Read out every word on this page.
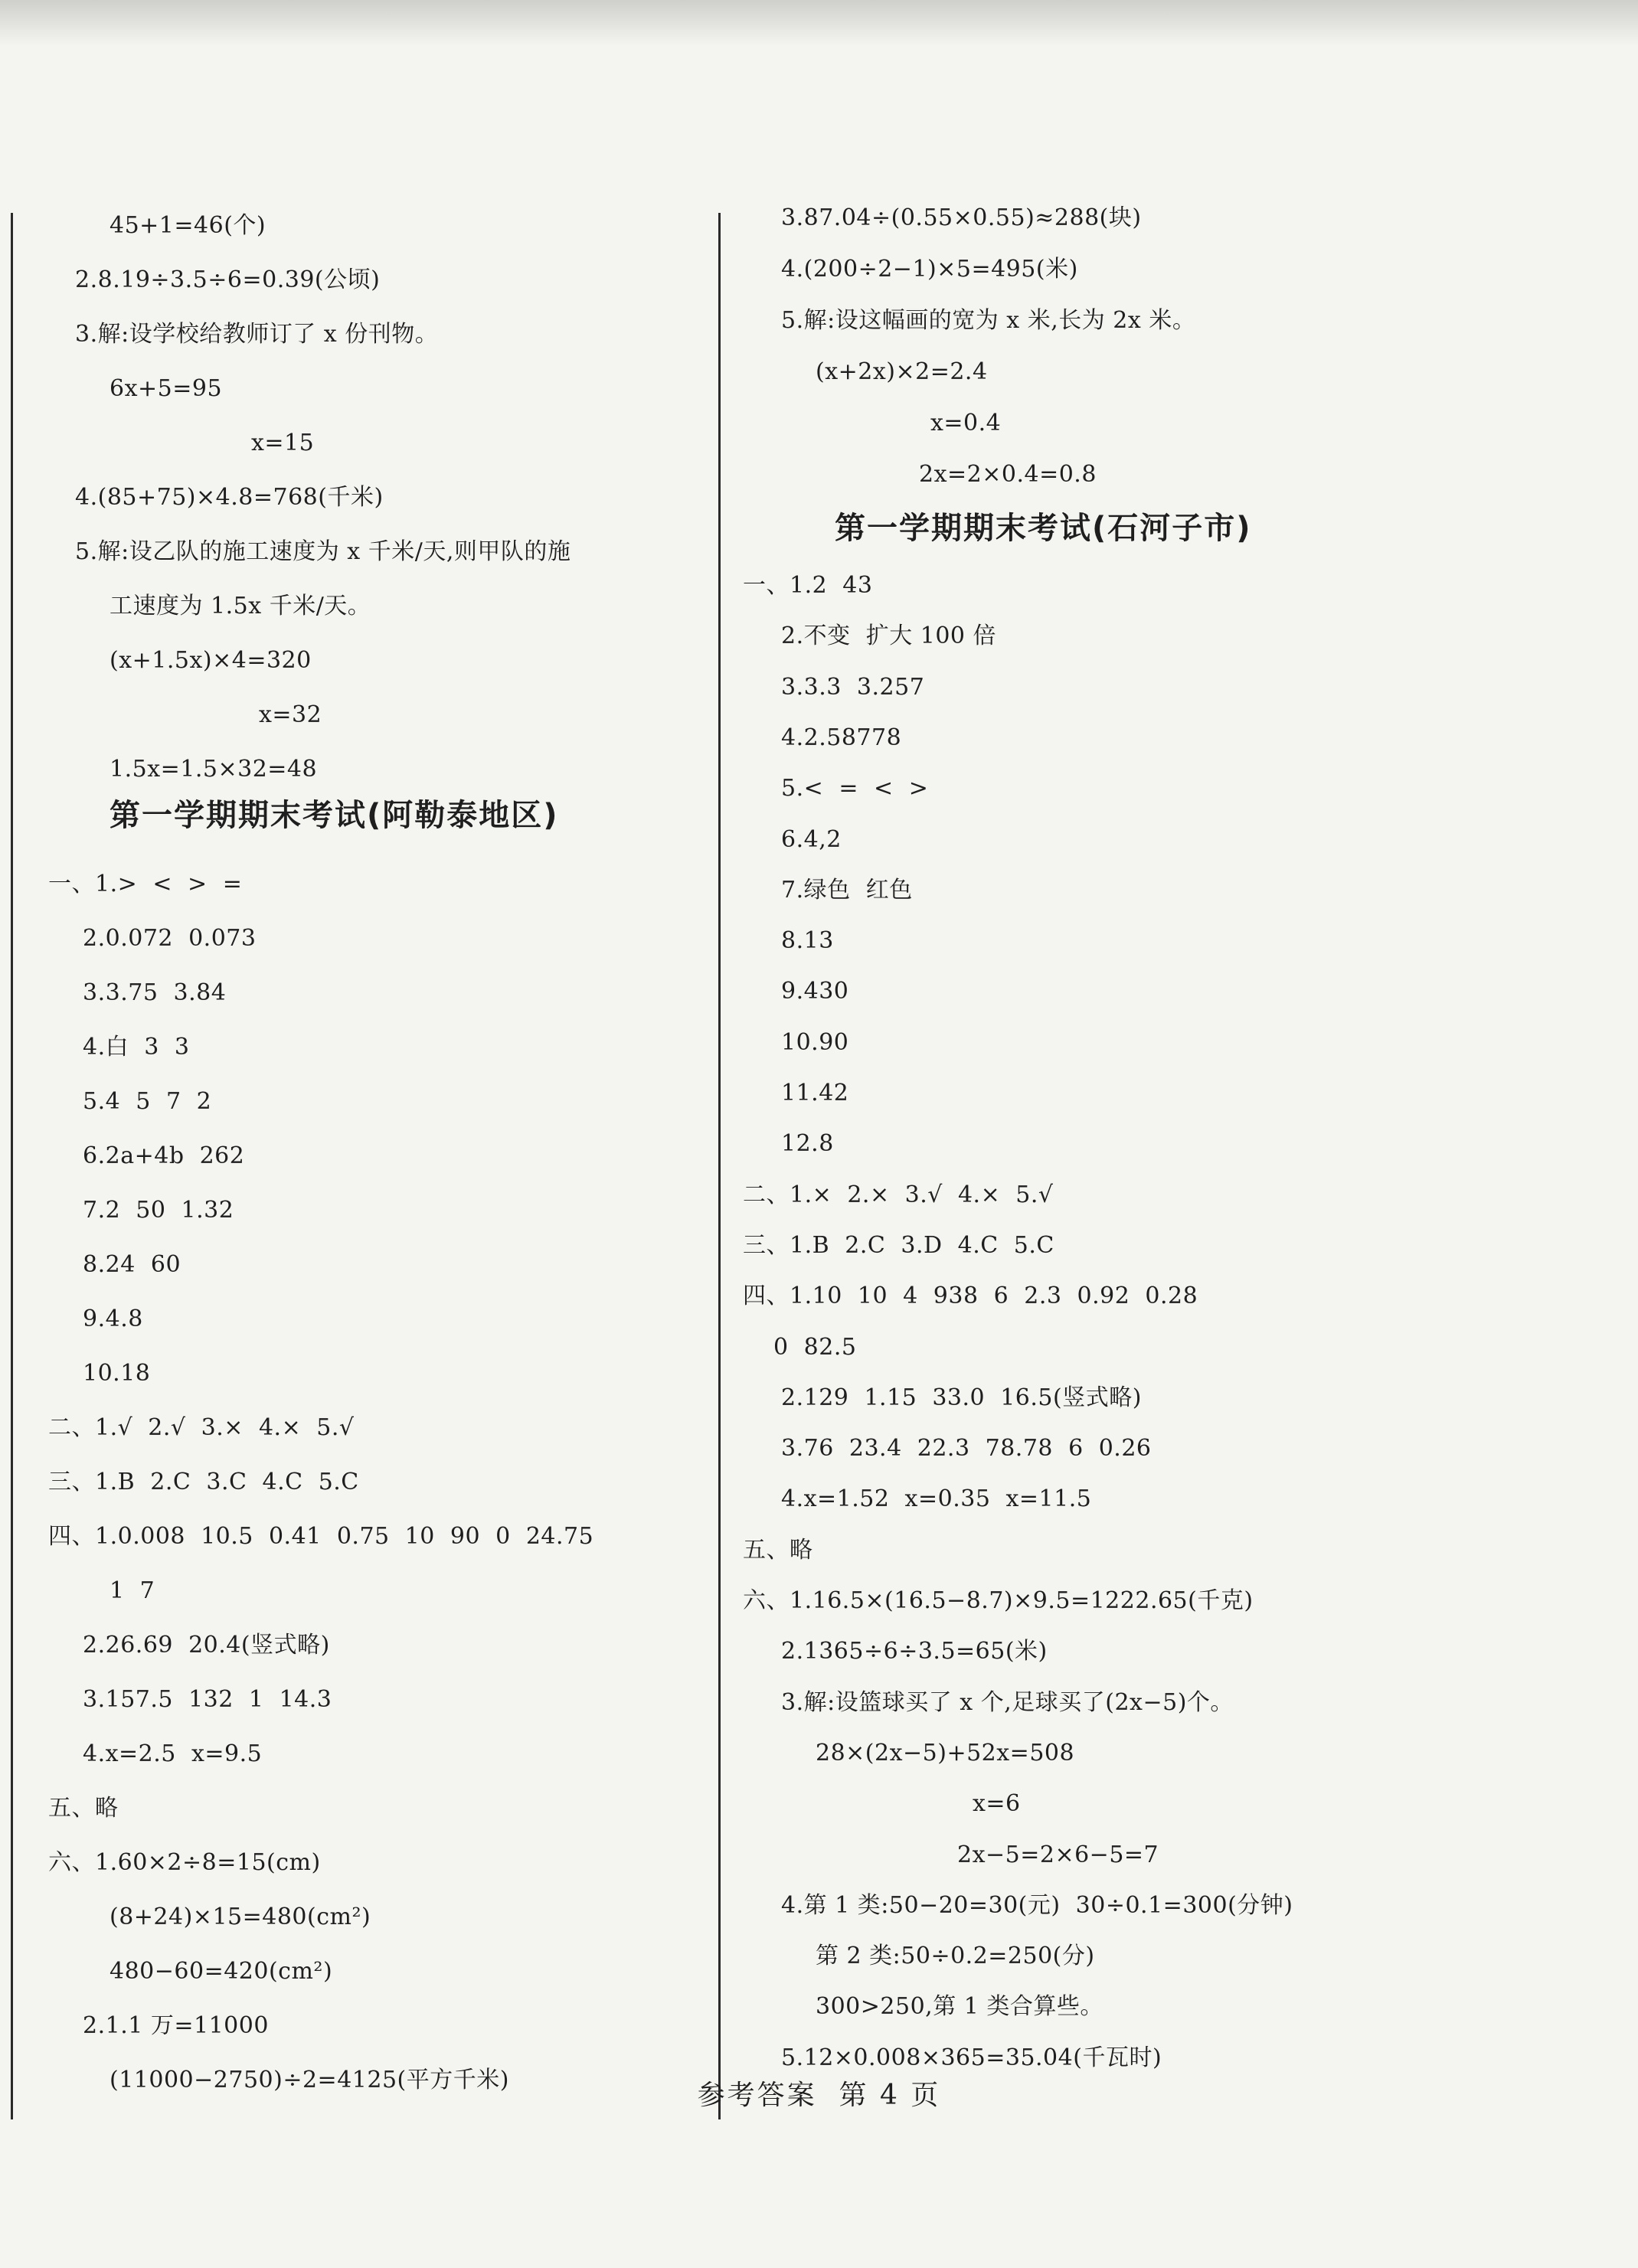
45+1=46(个)
2.8.19÷3.5÷6=0.39(公顷)
3.解:设学校给教师订了 x 份刊物。
6x+5=95
x=15
4.(85+75)×4.8=768(千米)
5.解:设乙队的施工速度为 x 千米/天,则甲队的施
工速度为 1.5x 千米/天。
(x+1.5x)×4=320
x=32
1.5x=1.5×32=48
第一学期期末考试(阿勒泰地区)
一、1.>  <  >  =
2.0.072  0.073
3.3.75  3.84
4.白  3  3
5.4  5  7  2
6.2a+4b  262
7.2  50  1.32
8.24  60
9.4.8
10.18
二、1.√  2.√  3.×  4.×  5.√
三、1.B  2.C  3.C  4.C  5.C
四、1.0.008  10.5  0.41  0.75  10  90  0  24.75
1  7
2.26.69  20.4(竖式略)
3.157.5  132  1  14.3
4.x=2.5  x=9.5
五、略
六、1.60×2÷8=15(cm)
(8+24)×15=480(cm²)
480−60=420(cm²)
2.1.1 万=11000
(11000−2750)÷2=4125(平方千米)
3.87.04÷(0.55×0.55)≈288(块)
4.(200÷2−1)×5=495(米)
5.解:设这幅画的宽为 x 米,长为 2x 米。
(x+2x)×2=2.4
x=0.4
2x=2×0.4=0.8
第一学期期末考试(石河子市)
一、1.2  43
2.不变  扩大 100 倍
3.3.3  3.257
4.2.58778
5.<  =  <  >
6.4,2
7.绿色  红色
8.13
9.430
10.90
11.42
12.8
二、1.×  2.×  3.√  4.×  5.√
三、1.B  2.C  3.D  4.C  5.C
四、1.10  10  4  938  6  2.3  0.92  0.28
0  82.5
2.129  1.15  33.0  16.5(竖式略)
3.76  23.4  22.3  78.78  6  0.26
4.x=1.52  x=0.35  x=11.5
五、略
六、1.16.5×(16.5−8.7)×9.5=1222.65(千克)
2.1365÷6÷3.5=65(米)
3.解:设篮球买了 x 个,足球买了(2x−5)个。
28×(2x−5)+52x=508
x=6
2x−5=2×6−5=7
4.第 1 类:50−20=30(元)  30÷0.1=300(分钟)
第 2 类:50÷0.2=250(分)
300>250,第 1 类合算些。
5.12×0.008×365=35.04(千瓦时)
参考答案  第 4 页
